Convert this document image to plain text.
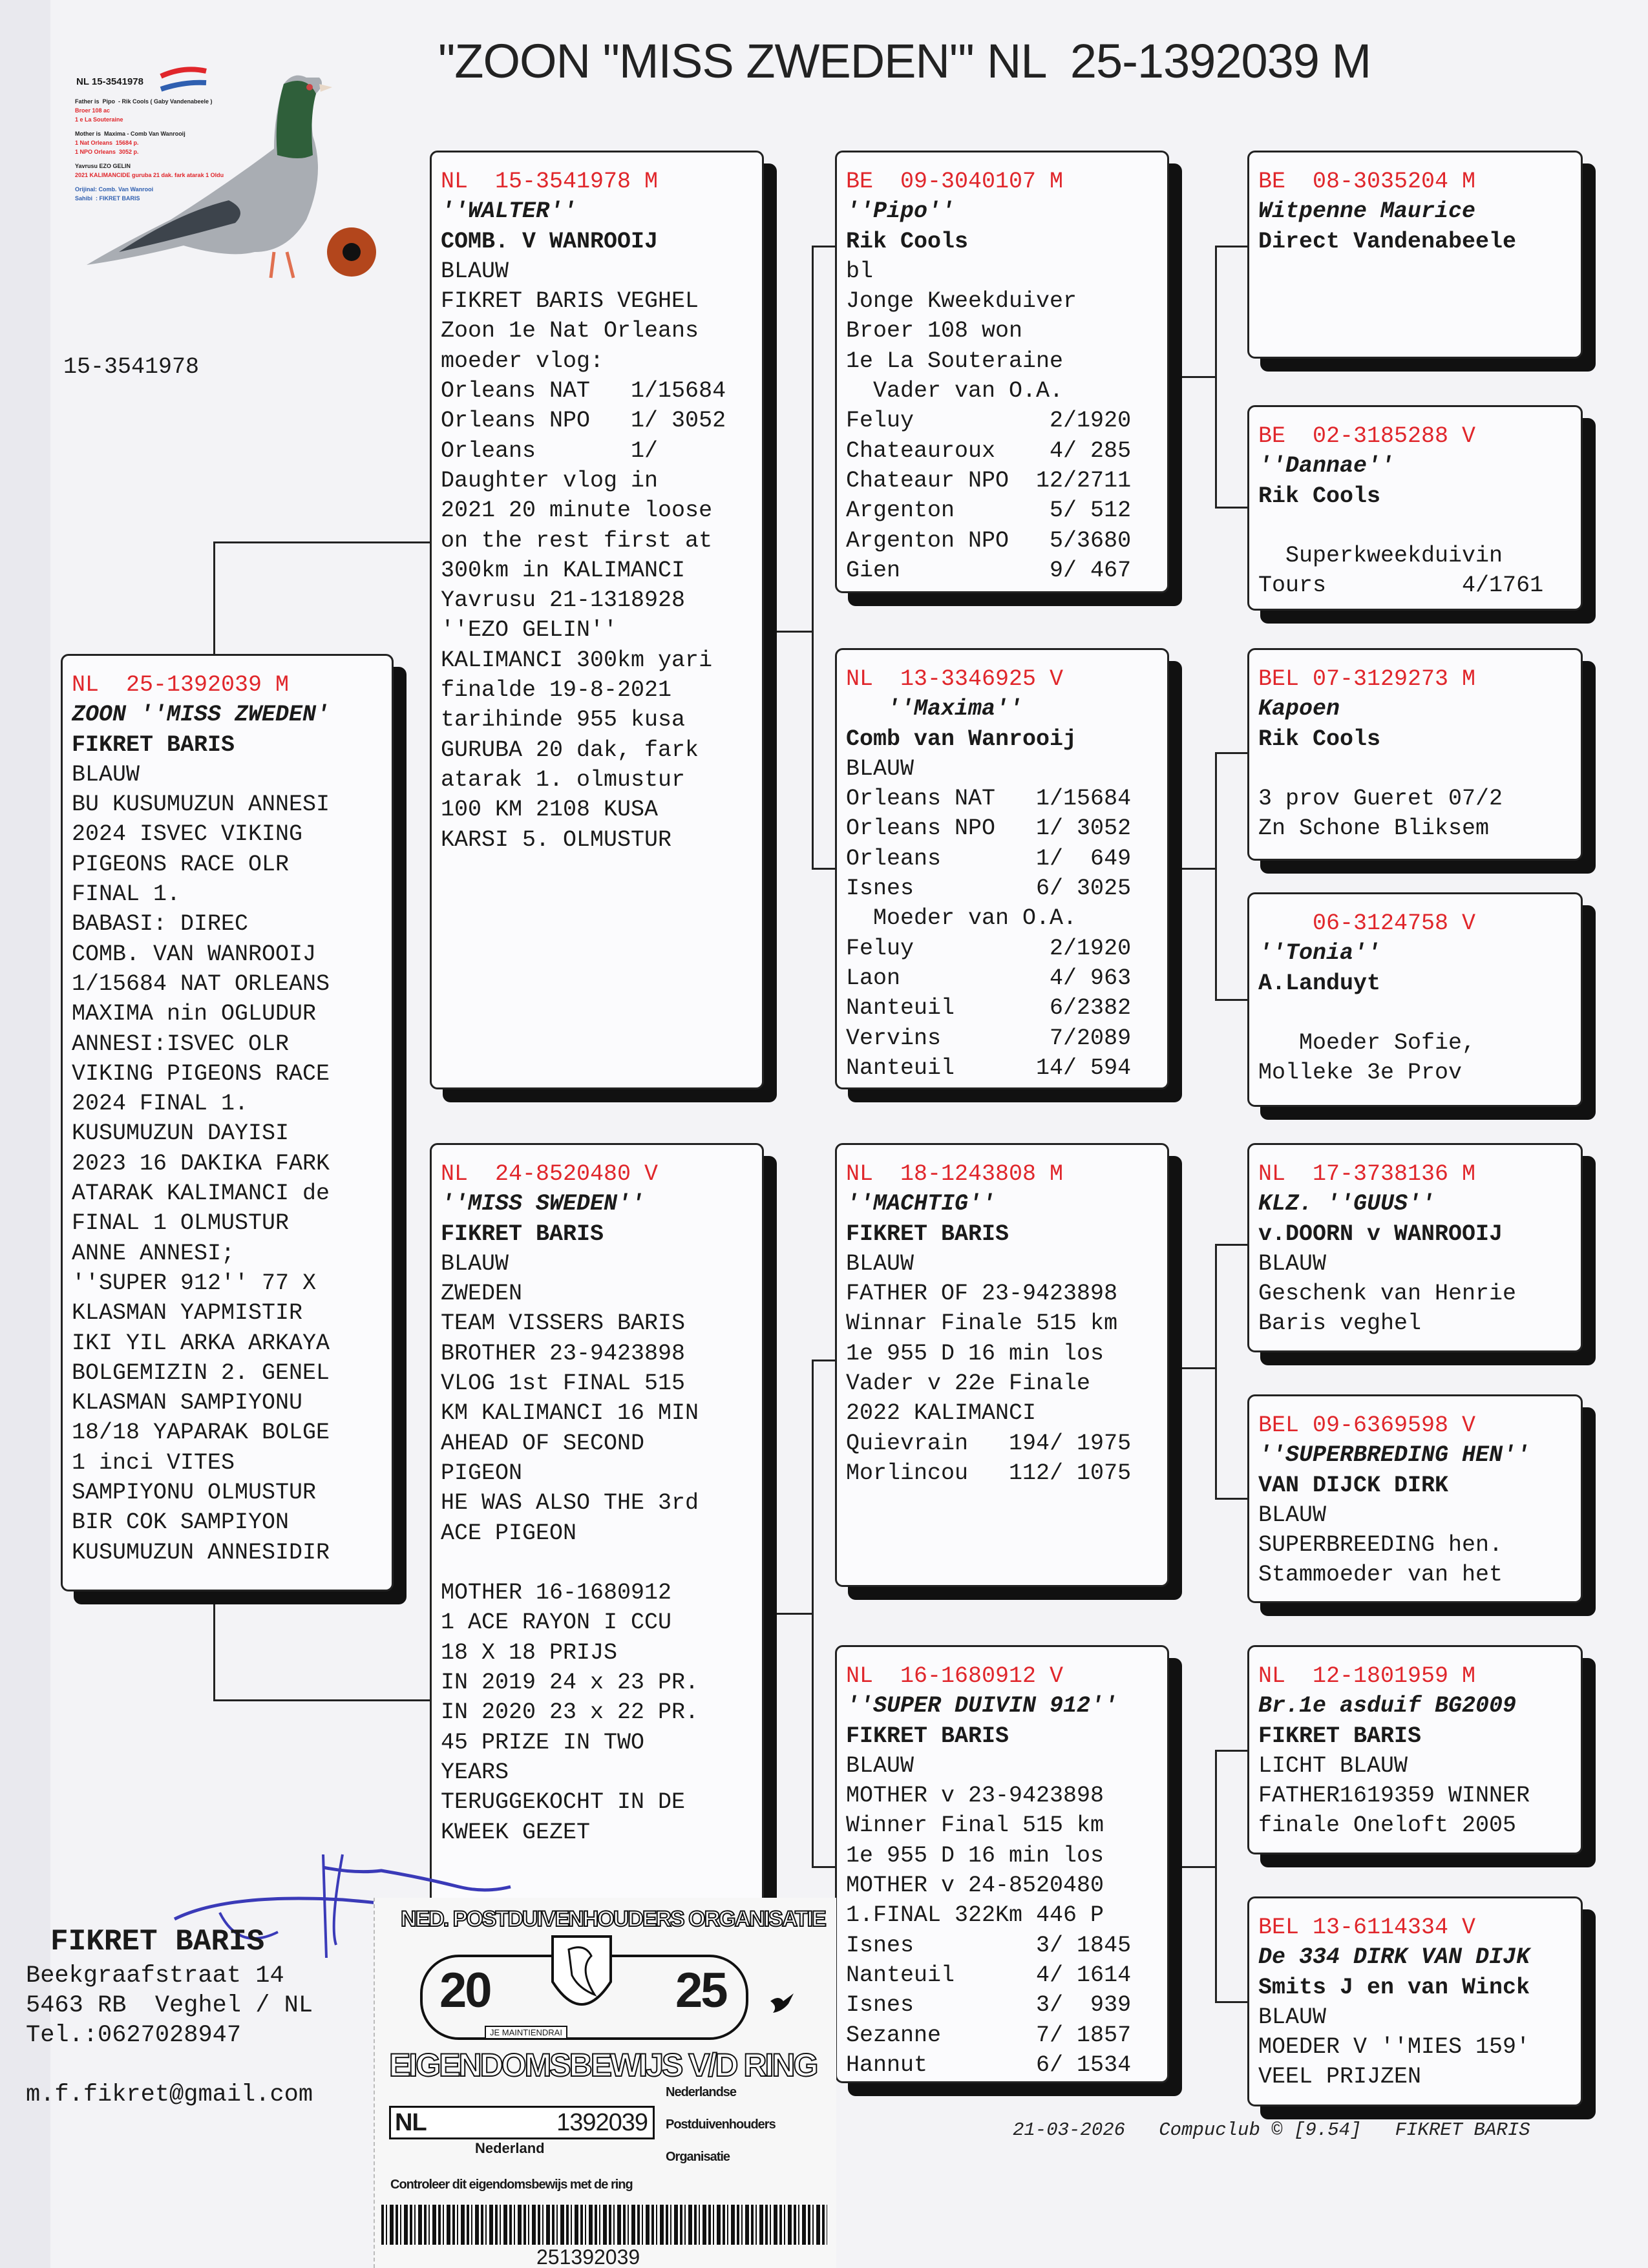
"ZOON "MISS ZWEDEN"' NL  25-1392039 M
NL 15-3541978
Father is  Pipo  - Rik Cools ( Gaby Vandenabeele )
Broer 108 ac
1 e La Souteraine
Mother is  Maxima - Comb Van Wanrooij
1 Nat Orleans  15684 p.
1 NPO Orleans  3052 p.
Yavrusu EZO GELIN
2021 KALIMANCIDE guruba 21 dak. fark atarak 1 Oldu
Orijinal: Comb. Van Wanrooi
Sahibi  : FIKRET BARIS
15-3541978
NL  25-1392039 M
ZOON ''MISS ZWEDEN'
FIKRET BARIS
BLAUW
BU KUSUMUZUN ANNESI
2024 ISVEC VIKING
PIGEONS RACE OLR
FINAL 1.
BABASI: DIREC
COMB. VAN WANROOIJ
1/15684 NAT ORLEANS
MAXIMA nin OGLUDUR
ANNESI:ISVEC OLR
VIKING PIGEONS RACE
2024 FINAL 1.
KUSUMUZUN DAYISI
2023 16 DAKIKA FARK
ATARAK KALIMANCI de
FINAL 1 OLMUSTUR
ANNE ANNESI;
''SUPER 912'' 77 X
KLASMAN YAPMISTIR
IKI YIL ARKA ARKAYA
BOLGEMIZIN 2. GENEL
KLASMAN SAMPIYONU
18/18 YAPARAK BOLGE
1 inci VITES
SAMPIYONU OLMUSTUR
BIR COK SAMPIYON
KUSUMUZUN ANNESIDIR
NL  15-3541978 M
''WALTER''
COMB. V WANROOIJ
BLAUW
FIKRET BARIS VEGHEL
Zoon 1e Nat Orleans
moeder vlog:
Orleans NAT   1/15684
Orleans NPO   1/ 3052
Orleans       1/
Daughter vlog in
2021 20 minute loose
on the rest first at
300km in KALIMANCI
Yavrusu 21-1318928
''EZO GELIN''
KALIMANCI 300km yari
finalde 19-8-2021
tarihinde 955 kusa
GURUBA 20 dak, fark
atarak 1. olmustur
100 KM 2108 KUSA
KARSI 5. OLMUSTUR
NL  24-8520480 V
''MISS SWEDEN''
FIKRET BARIS
BLAUW
ZWEDEN
TEAM VISSERS BARIS
BROTHER 23-9423898
VLOG 1st FINAL 515
KM KALIMANCI 16 MIN
AHEAD OF SECOND
PIGEON
HE WAS ALSO THE 3rd
ACE PIGEON
MOTHER 16-1680912
1 ACE RAYON I CCU
18 X 18 PRIJS
IN 2019 24 x 23 PR.
IN 2020 23 x 22 PR.
45 PRIZE IN TWO
YEARS
TERUGGEKOCHT IN DE
KWEEK GEZET
BE  09-3040107 M
''Pipo''
Rik Cools
bl
Jonge Kweekduiver
Broer 108 won
1e La Souteraine
Vader van O.A.
Feluy          2/1920
Chateauroux    4/ 285
Chateaur NPO  12/2711
Argenton       5/ 512
Argenton NPO   5/3680
Gien           9/ 467
NL  13-3346925 V
''Maxima''
Comb van Wanrooij
BLAUW
Orleans NAT   1/15684
Orleans NPO   1/ 3052
Orleans       1/  649
Isnes         6/ 3025
Moeder van O.A.
Feluy          2/1920
Laon           4/ 963
Nanteuil       6/2382
Vervins        7/2089
Nanteuil      14/ 594
NL  18-1243808 M
''MACHTIG''
FIKRET BARIS
BLAUW
FATHER OF 23-9423898
Winnar Finale 515 km
1e 955 D 16 min los
Vader v 22e Finale
2022 KALIMANCI
Quievrain   194/ 1975
Morlincou   112/ 1075
NL  16-1680912 V
''SUPER DUIVIN 912''
FIKRET BARIS
BLAUW
MOTHER v 23-9423898
Winner Final 515 km
1e 955 D 16 min los
MOTHER v 24-8520480
1.FINAL 322Km 446 P
Isnes         3/ 1845
Nanteuil      4/ 1614
Isnes         3/  939
Sezanne       7/ 1857
Hannut        6/ 1534
BE  08-3035204 M
Witpenne Maurice
Direct Vandenabeele
BE  02-3185288 V
''Dannae''
Rik Cools
Superkweekduivin
Tours          4/1761
BEL 07-3129273 M
Kapoen
Rik Cools
3 prov Gueret 07/2
Zn Schone Bliksem
06-3124758 V
''Tonia''
A.Landuyt
Moeder Sofie,
Molleke 3e Prov
NL  17-3738136 M
KLZ. ''GUUS''
v.DOORN v WANROOIJ
BLAUW
Geschenk van Henrie
Baris veghel
BEL 09-6369598 V
''SUPERBREDING HEN''
VAN DIJCK DIRK
BLAUW
SUPERBREEDING hen.
Stammoeder van het
NL  12-1801959 M
Br.1e asduif BG2009
FIKRET BARIS
LICHT BLAUW
FATHER1619359 WINNER
finale Oneloft 2005
BEL 13-6114334 V
De 334 DIRK VAN DIJK
Smits J en van Winck
BLAUW
MOEDER V ''MIES 159'
VEEL PRIJZEN
FIKRET BARIS
Beekgraafstraat 14
5463 RB  Veghel / NL
Tel.:0627028947
m.f.fikret@gmail.com
21-03-2026   Compuclub © [9.54]   FIKRET BARIS
NED. POSTDUIVENHOUDERS ORGANISATIE
20	25
JE MAINTIENDRAI
EIGENDOMSBEWIJS V/D RING
NL	1392039
Nederland
Nederlandse
Postduivenhouders
Organisatie
Controleer dit eigendomsbewijs met de ring
251392039
